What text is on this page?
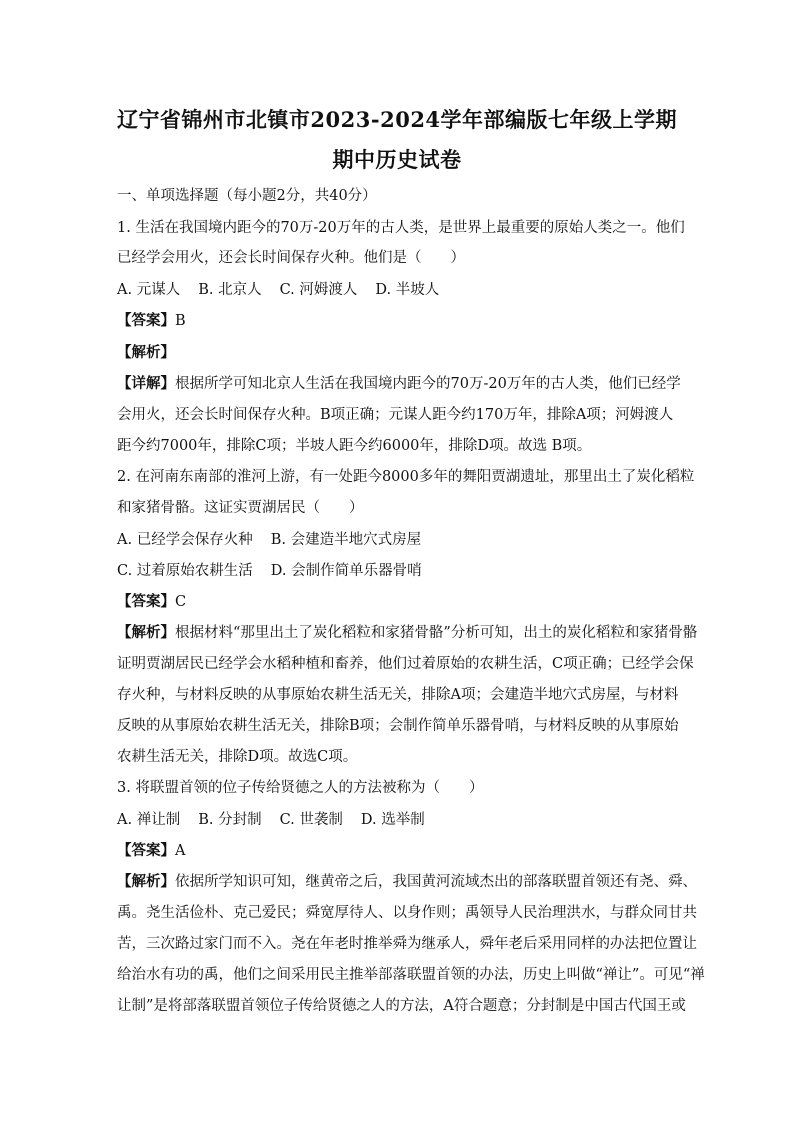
辽宁省锦州市北镇市2023-2024学年部编版七年级上学期
期中历史试卷
一、单项选择题（每小题2分，共40分）
1. 生活在我国境内距今的70万-20万年的古人类，是世界上最重要的原始人类之一。他们
已经学会用火，还会长时间保存火种。他们是（　　）
A. 元谋人 B. 北京人 C. 河姆渡人 D. 半坡人
【答案】B
【解析】
【详解】根据所学可知北京人生活在我国境内距今的70万-20万年的古人类，他们已经学
会用火，还会长时间保存火种。B项正确；元谋人距今约170万年，排除A项；河姆渡人
距今约7000年，排除C项；半坡人距今约6000年，排除D项。故选 B项。
2. 在河南东南部的淮河上游，有一处距今8000多年的舞阳贾湖遗址，那里出土了炭化稻粒
和家猪骨骼。这证实贾湖居民（　　）
A. 已经学会保存火种 B. 会建造半地穴式房屋
C. 过着原始农耕生活 D. 会制作简单乐器骨哨
【答案】C
【解析】根据材料“那里出土了炭化稻粒和家猪骨骼”分析可知，出土的炭化稻粒和家猪骨骼
证明贾湖居民已经学会水稻种植和畜养，他们过着原始的农耕生活，C项正确；已经学会保
存火种，与材料反映的从事原始农耕生活无关，排除A项；会建造半地穴式房屋，与材料
反映的从事原始农耕生活无关，排除B项；会制作简单乐器骨哨，与材料反映的从事原始
农耕生活无关，排除D项。故选C项。
3. 将联盟首领的位子传给贤德之人的方法被称为（　　）
A. 禅让制 B. 分封制 C. 世袭制 D. 选举制
【答案】A
【解析】依据所学知识可知，继黄帝之后，我国黄河流域杰出的部落联盟首领还有尧、舜、
禹。尧生活俭朴、克己爱民；舜宽厚待人、以身作则；禹领导人民治理洪水，与群众同甘共
苦，三次路过家门而不入。尧在年老时推举舜为继承人，舜年老后采用同样的办法把位置让
给治水有功的禹，他们之间采用民主推举部落联盟首领的办法，历史上叫做“禅让”。可见“禅
让制”是将部落联盟首领位子传给贤德之人的方法，A符合题意；分封制是中国古代国王或
